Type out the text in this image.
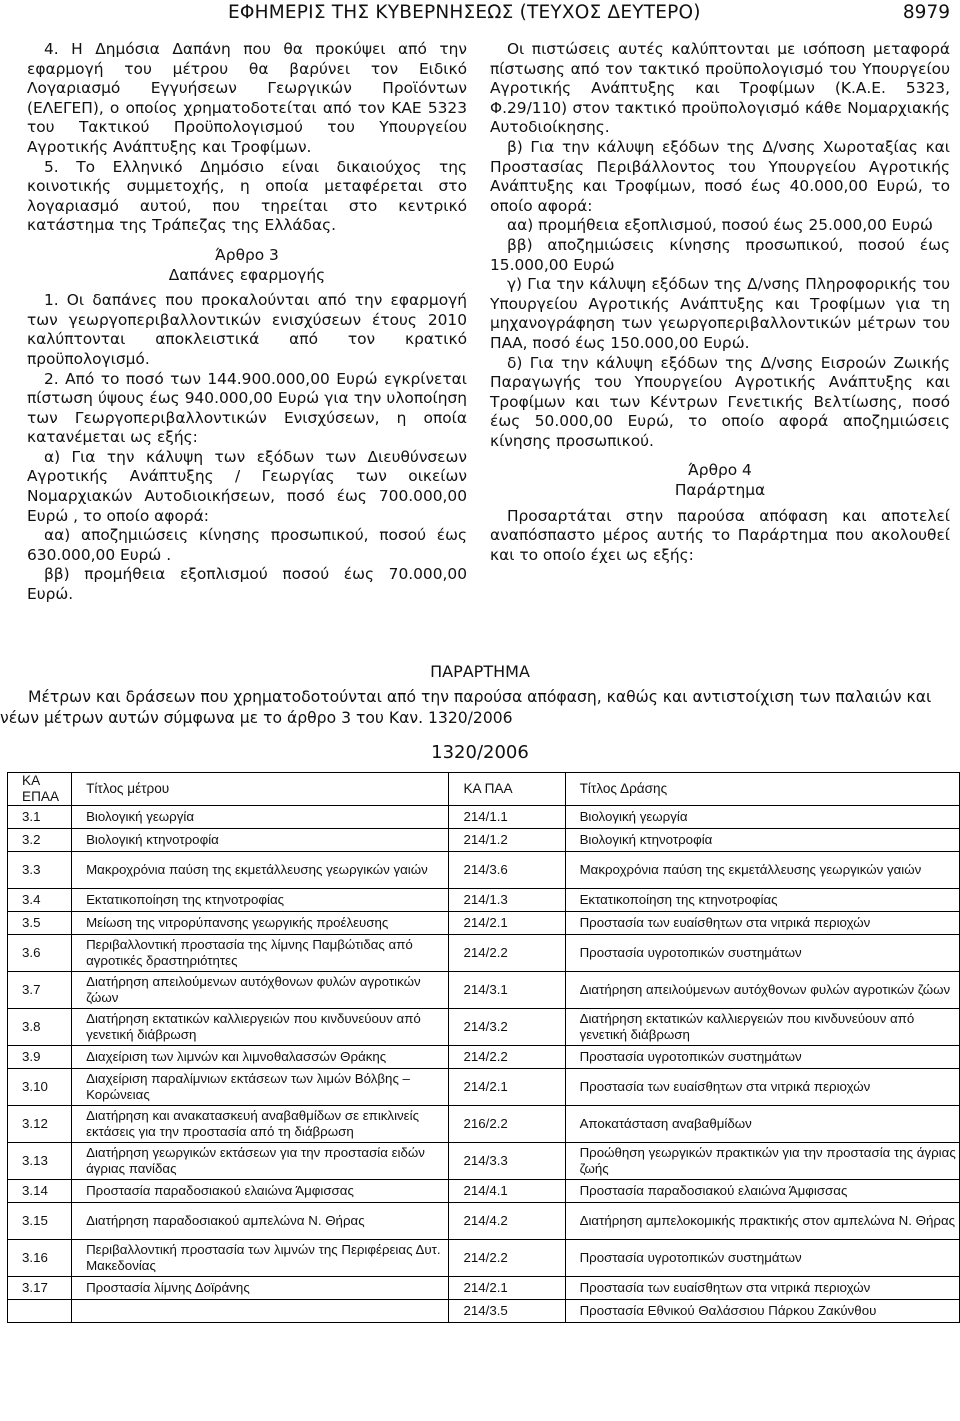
ΕΦΗΜΕΡΙΣ ΤΗΣ ΚΥΒΕΡΝΗΣΕΩΣ (ΤΕΥΧΟΣ ΔΕΥΤΕΡΟ)	8979

4. Η Δημόσια Δαπάνη που θα προκύψει από την εφαρμογή του μέτρου θα βαρύνει τον Ειδικό Λογαριασμό Εγγυήσεων Γεωργικών Προϊόντων (ΕΛΕΓΕΠ), ο οποίος χρηματοδοτείται από τον ΚΑΕ 5323 του Τακτικού Προϋπολογισμού του Υπουργείου Αγροτικής Ανάπτυξης και Τροφίμων.

5. Το Ελληνικό Δημόσιο είναι δικαιούχος της κοινοτικής συμμετοχής, η οποία μεταφέρεται στο λογαριασμό αυτού, που τηρείται στο κεντρικό κατάστημα της Τράπεζας της Ελλάδας.

Άρθρο 3

Δαπάνες εφαρμογής

1. Οι δαπάνες που προκαλούνται από την εφαρμογή των γεωργοπεριβαλλοντικών ενισχύσεων έτους 2010 καλύπτονται αποκλειστικά από τον κρατικό προϋπολογισμό.

2. Από το ποσό των 144.900.000,00 Ευρώ εγκρίνεται πίστωση ύψους έως 940.000,00 Ευρώ για την υλοποίηση των Γεωργοπεριβαλλοντικών Ενισχύσεων, η οποία κατανέμεται ως εξής:

α) Για την κάλυψη των εξόδων των Διευθύνσεων Αγροτικής Ανάπτυξης / Γεωργίας των οικείων Νομαρχιακών Αυτοδιοικήσεων, ποσό έως 700.000,00 Ευρώ , το οποίο αφορά:

αα) αποζημιώσεις κίνησης προσωπικού, ποσού έως 630.000,00 Ευρώ .

ββ) προμήθεια εξοπλισμού ποσού έως 70.000,00 Ευρώ.

Οι πιστώσεις αυτές καλύπτονται με ισόποση μεταφορά πίστωσης από τον τακτικό προϋπολογισμό του Υπουργείου Αγροτικής Ανάπτυξης και Τροφίμων (Κ.Α.Ε. 5323, Φ.29/110) στον τακτικό προϋπολογισμό κάθε Νομαρχιακής Αυτοδιοίκησης.

β) Για την κάλυψη εξόδων της Δ/νσης Χωροταξίας και Προστασίας Περιβάλλοντος του Υπουργείου Αγροτικής Ανάπτυξης και Τροφίμων, ποσό έως 40.000,00 Ευρώ, το οποίο αφορά:

αα) προμήθεια εξοπλισμού, ποσού έως 25.000,00 Ευρώ

ββ) αποζημιώσεις κίνησης προσωπικού, ποσού έως 15.000,00 Ευρώ

γ) Για την κάλυψη εξόδων της Δ/νσης Πληροφορικής του Υπουργείου Αγροτικής Ανάπτυξης και Τροφίμων για τη μηχανογράφηση των γεωργοπεριβαλλοντικών μέτρων του ΠΑΑ, ποσό έως 150.000,00 Ευρώ.

δ) Για την κάλυψη εξόδων της Δ/νσης Εισροών Ζωικής Παραγωγής του Υπουργείου Αγροτικής Ανάπτυξης και Τροφίμων και των Κέντρων Γενετικής Βελτίωσης, ποσό έως 50.000,00 Ευρώ, το οποίο αφορά αποζημιώσεις κίνησης προσωπικού.

Άρθρο 4

Παράρτημα

Προσαρτάται στην παρούσα απόφαση και αποτελεί αναπόσπαστο μέρος αυτής το Παράρτημα που ακολουθεί και το οποίο έχει ως εξής:

ΠΑΡΑΡΤΗΜΑ

Μέτρων και δράσεων που χρηματοδοτούνται από την παρούσα απόφαση, καθώς και αντιστοίχιση των παλαιών και νέων μέτρων αυτών σύμφωνα με το άρθρο 3 του Καν. 1320/2006

1320/2006
ΚΑ ΕΠΑΑ	Τίτλος μέτρου	ΚΑ ΠΑΑ	Τίτλος Δράσης
3.1	Βιολογική γεωργία	214/1.1	Βιολογική γεωργία
3.2	Βιολογική κτηνοτροφία	214/1.2	Βιολογική κτηνοτροφία
3.3	Μακροχρόνια παύση της εκμετάλλευσης γεωργικών γαιών	214/3.6	Μακροχρόνια παύση της εκμετάλλευσης γεωργικών γαιών
3.4	Εκτατικοποίηση της κτηνοτροφίας	214/1.3	Εκτατικοποίηση της κτηνοτροφίας
3.5	Μείωση της νιτρορύπανσης γεωργικής προέλευσης	214/2.1	Προστασία των ευαίσθητων στα νιτρικά περιοχών
3.6	Περιβαλλοντική προστασία της λίμνης Παμβώτιδας από αγροτικές δραστηριότητες	214/2.2	Προστασία υγροτοπικών συστημάτων
3.7	Διατήρηση απειλούμενων αυτόχθονων φυλών αγροτικών ζώων	214/3.1	Διατήρηση απειλούμενων αυτόχθονων φυλών αγροτικών ζώων
3.8	Διατήρηση εκτατικών καλλιεργειών που κινδυνεύουν από γενετική διάβρωση	214/3.2	Διατήρηση εκτατικών καλλιεργειών που κινδυνεύουν από γενετική διάβρωση
3.9	Διαχείριση των λιμνών και λιμνοθαλασσών Θράκης	214/2.2	Προστασία υγροτοπικών συστημάτων
3.10	Διαχείριση παραλίμνιων εκτάσεων των λιμών Βόλβης – Κορώνειας	214/2.1	Προστασία των ευαίσθητων στα νιτρικά περιοχών
3.12	Διατήρηση και ανακατασκευή αναβαθμίδων σε επικλινείς εκτάσεις για την προστασία από τη διάβρωση	216/2.2	Αποκατάσταση αναβαθμίδων
3.13	Διατήρηση γεωργικών εκτάσεων για την προστασία ειδών άγριας πανίδας	214/3.3	Προώθηση γεωργικών πρακτικών για την προστασία της άγριας ζωής
3.14	Προστασία παραδοσιακού ελαιώνα Άμφισσας	214/4.1	Προστασία παραδοσιακού ελαιώνα Άμφισσας
3.15	Διατήρηση παραδοσιακού αμπελώνα Ν. Θήρας	214/4.2	Διατήρηση αμπελοκομικής πρακτικής στον αμπελώνα Ν. Θήρας
3.16	Περιβαλλοντική προστασία των λιμνών της Περιφέρειας Δυτ. Μακεδονίας	214/2.2	Προστασία υγροτοπικών συστημάτων
3.17	Προστασία λίμνης Δοϊράνης	214/2.1	Προστασία των ευαίσθητων στα νιτρικά περιοχών
		214/3.5	Προστασία Εθνικού Θαλάσσιου Πάρκου Ζακύνθου
